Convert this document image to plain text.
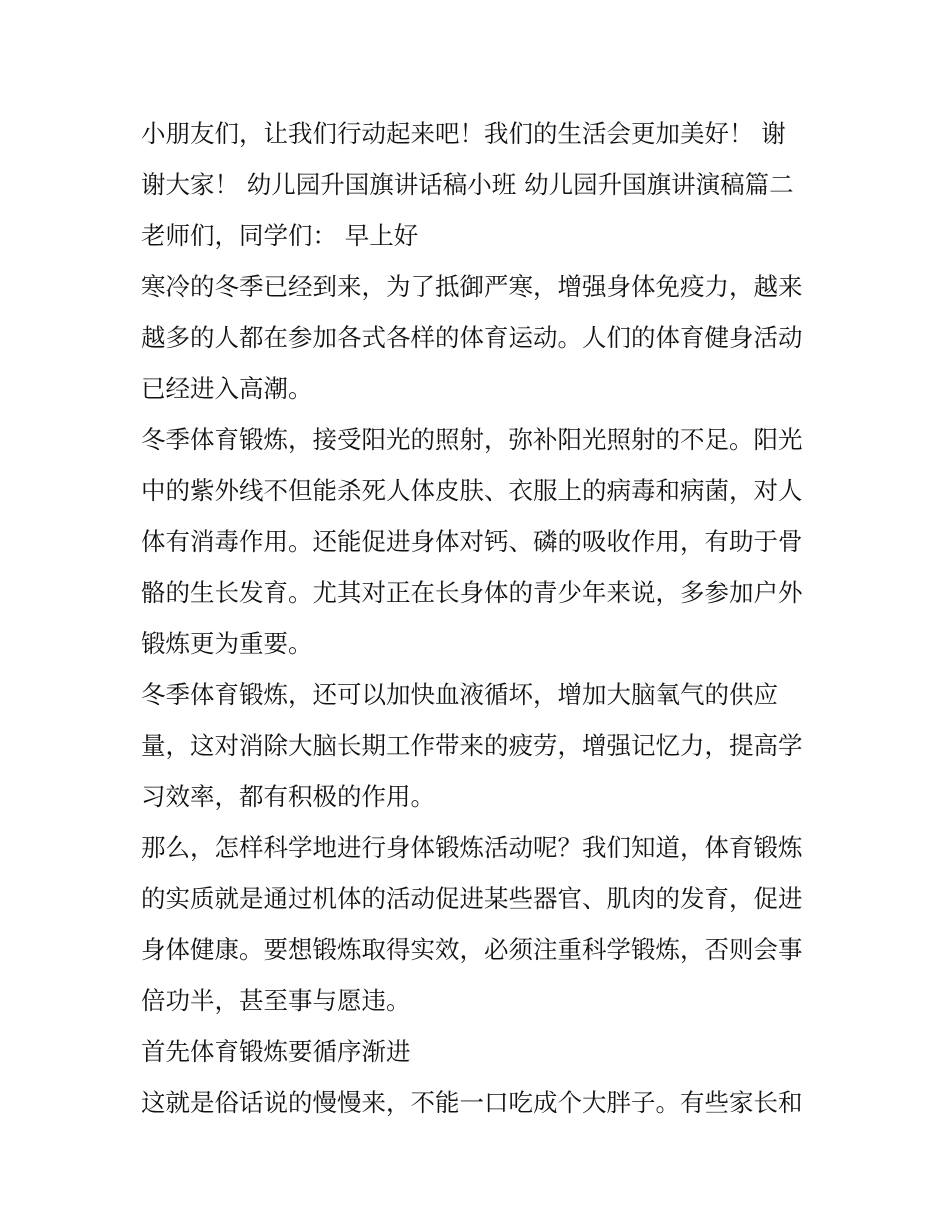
小朋友们，让我们行动起来吧！我们的生活会更加美好！ 谢

谢大家！ 幼儿园升国旗讲话稿小班 幼儿园升国旗讲演稿篇二

老师们，同学们： 早上好

寒冷的冬季已经到来，为了抵御严寒，增强身体免疫力，越来

越多的人都在参加各式各样的体育运动。人们的体育健身活动

已经进入高潮。

冬季体育锻炼，接受阳光的照射，弥补阳光照射的不足。阳光

中的紫外线不但能杀死人体皮肤、衣服上的病毒和病菌，对人

体有消毒作用。还能促进身体对钙、磷的吸收作用，有助于骨

骼的生长发育。尤其对正在长身体的青少年来说，多参加户外

锻炼更为重要。

冬季体育锻炼，还可以加快血液循坏，增加大脑氧气的供应

量，这对消除大脑长期工作带来的疲劳，增强记忆力，提高学

习效率，都有积极的作用。

那么，怎样科学地进行身体锻炼活动呢？我们知道，体育锻炼

的实质就是通过机体的活动促进某些器官、肌肉的发育，促进

身体健康。要想锻炼取得实效，必须注重科学锻炼，否则会事

倍功半，甚至事与愿违。

首先体育锻炼要循序渐进

这就是俗话说的慢慢来，不能一口吃成个大胖子。有些家长和
